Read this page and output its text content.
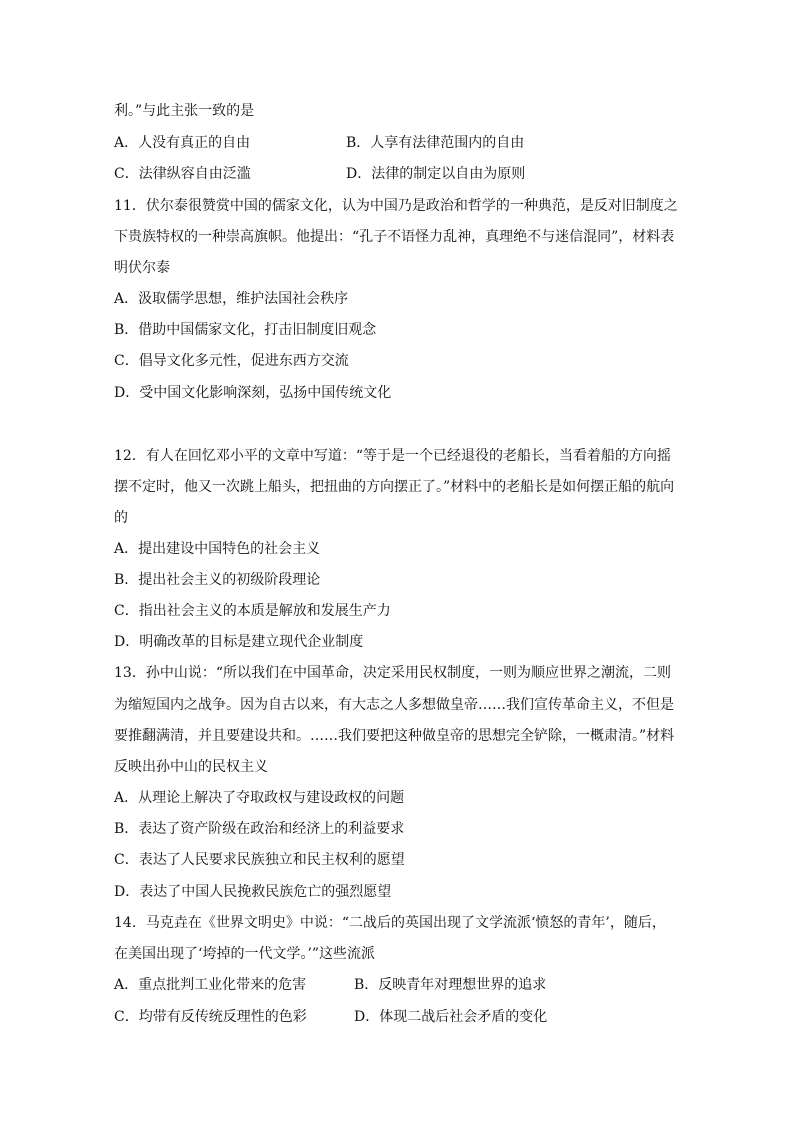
利。”与此主张一致的是
A．人没有真正的自由	B．人享有法律范围内的自由
C．法律纵容自由泛滥	D．法律的制定以自由为原则
11．伏尔泰很赞赏中国的儒家文化，认为中国乃是政治和哲学的一种典范，是反对旧制度之
下贵族特权的一种崇高旗帜。他提出：“孔子不语怪力乱神，真理绝不与迷信混同”，材料表
明伏尔泰
A．汲取儒学思想，维护法国社会秩序
B．借助中国儒家文化，打击旧制度旧观念
C．倡导文化多元性，促进东西方交流
D．受中国文化影响深刻，弘扬中国传统文化
12．有人在回忆邓小平的文章中写道：“等于是一个已经退役的老船长，当看着船的方向摇
摆不定时，他又一次跳上船头，把扭曲的方向摆正了。”材料中的老船长是如何摆正船的航向
的
A．提出建设中国特色的社会主义
B．提出社会主义的初级阶段理论
C．指出社会主义的本质是解放和发展生产力
D．明确改革的目标是建立现代企业制度
13．孙中山说：“所以我们在中国革命，决定采用民权制度，一则为顺应世界之潮流，二则
为缩短国内之战争。因为自古以来，有大志之人多想做皇帝……我们宣传革命主义，不但是
要推翻满清，并且要建设共和。……我们要把这种做皇帝的思想完全铲除，一概肃清。”材料
反映出孙中山的民权主义
A．从理论上解决了夺取政权与建设政权的问题
B．表达了资产阶级在政治和经济上的利益要求
C．表达了人民要求民族独立和民主权利的愿望
D．表达了中国人民挽救民族危亡的强烈愿望
14．马克垚在《世界文明史》中说：“二战后的英国出现了文学流派‘愤怒的青年’，随后，
在美国出现了‘垮掉的一代文学。’”这些流派
A．重点批判工业化带来的危害	B．反映青年对理想世界的追求
C．均带有反传统反理性的色彩	D．体现二战后社会矛盾的变化
